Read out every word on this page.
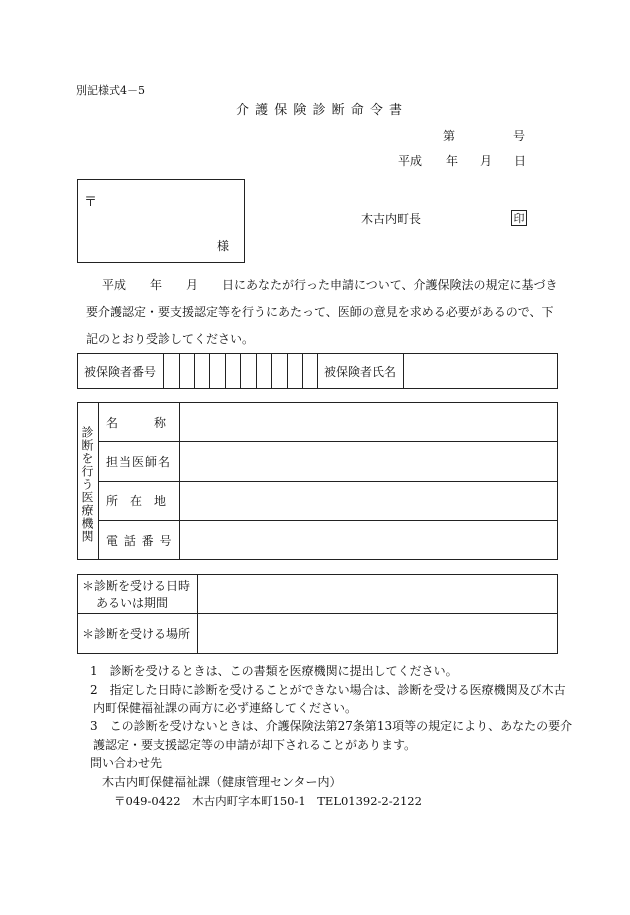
別記様式4－5
介 護 保 険 診 断 命 令 書
第	号
平成 年 月 日
〒
様
木古内町長	印
平成　　年　　月　　日にあなたが行った申請について、介護保険法の規定に基づき
要介護認定・要支援認定等を行うにあたって、医師の意見を求める必要があるので、下
記のとおり受診してください。
被保険者番号	被保険者氏名
診断を行う医療機関
名　　　称
担当医師名
所　在　地
電 話 番 号
＊診断を受ける日時
あるいは期間
＊診断を受ける場所
1　診断を受けるときは、この書類を医療機関に提出してください。
2　指定した日時に診断を受けることができない場合は、診断を受ける医療機関及び木古
内町保健福祉課の両方に必ず連絡してください。
3　この診断を受けないときは、介護保険法第27条第13項等の規定により、あなたの要介
護認定・要支援認定等の申請が却下されることがあります。
問い合わせ先
木古内町保健福祉課（健康管理センター内）
〒049-0422　木古内町字本町150-1　TEL01392-2-2122
